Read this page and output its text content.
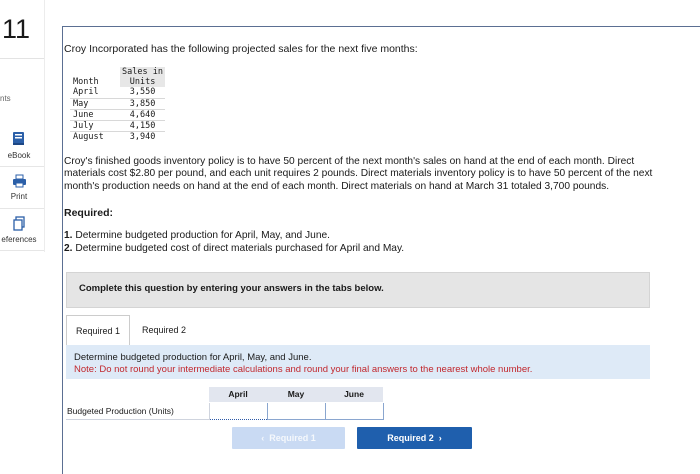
11
nts
eBook
Print
eferences
Croy Incorporated has the following projected sales for the next five months:
Month	Sales in
	Units
April	3,550
May	3,850
June	4,640
July	4,150
August	3,940
Croy's finished goods inventory policy is to have 50 percent of the next month's sales on hand at the end of each month. Direct
materials cost $2.80 per pound, and each unit requires 2 pounds. Direct materials inventory policy is to have 50 percent of the next
month's production needs on hand at the end of each month. Direct materials on hand at March 31 totaled 3,700 pounds.
Required:
1. Determine budgeted production for April, May, and June.
2. Determine budgeted cost of direct materials purchased for April and May.
Complete this question by entering your answers in the tabs below.
Required 1	Required 2
Determine budgeted production for April, May, and June.
Note: Do not round your intermediate calculations and round your final answers to the nearest whole number.
	April	May	June
Budgeted Production (Units)			
‹  Required 1	Required 2  ›
